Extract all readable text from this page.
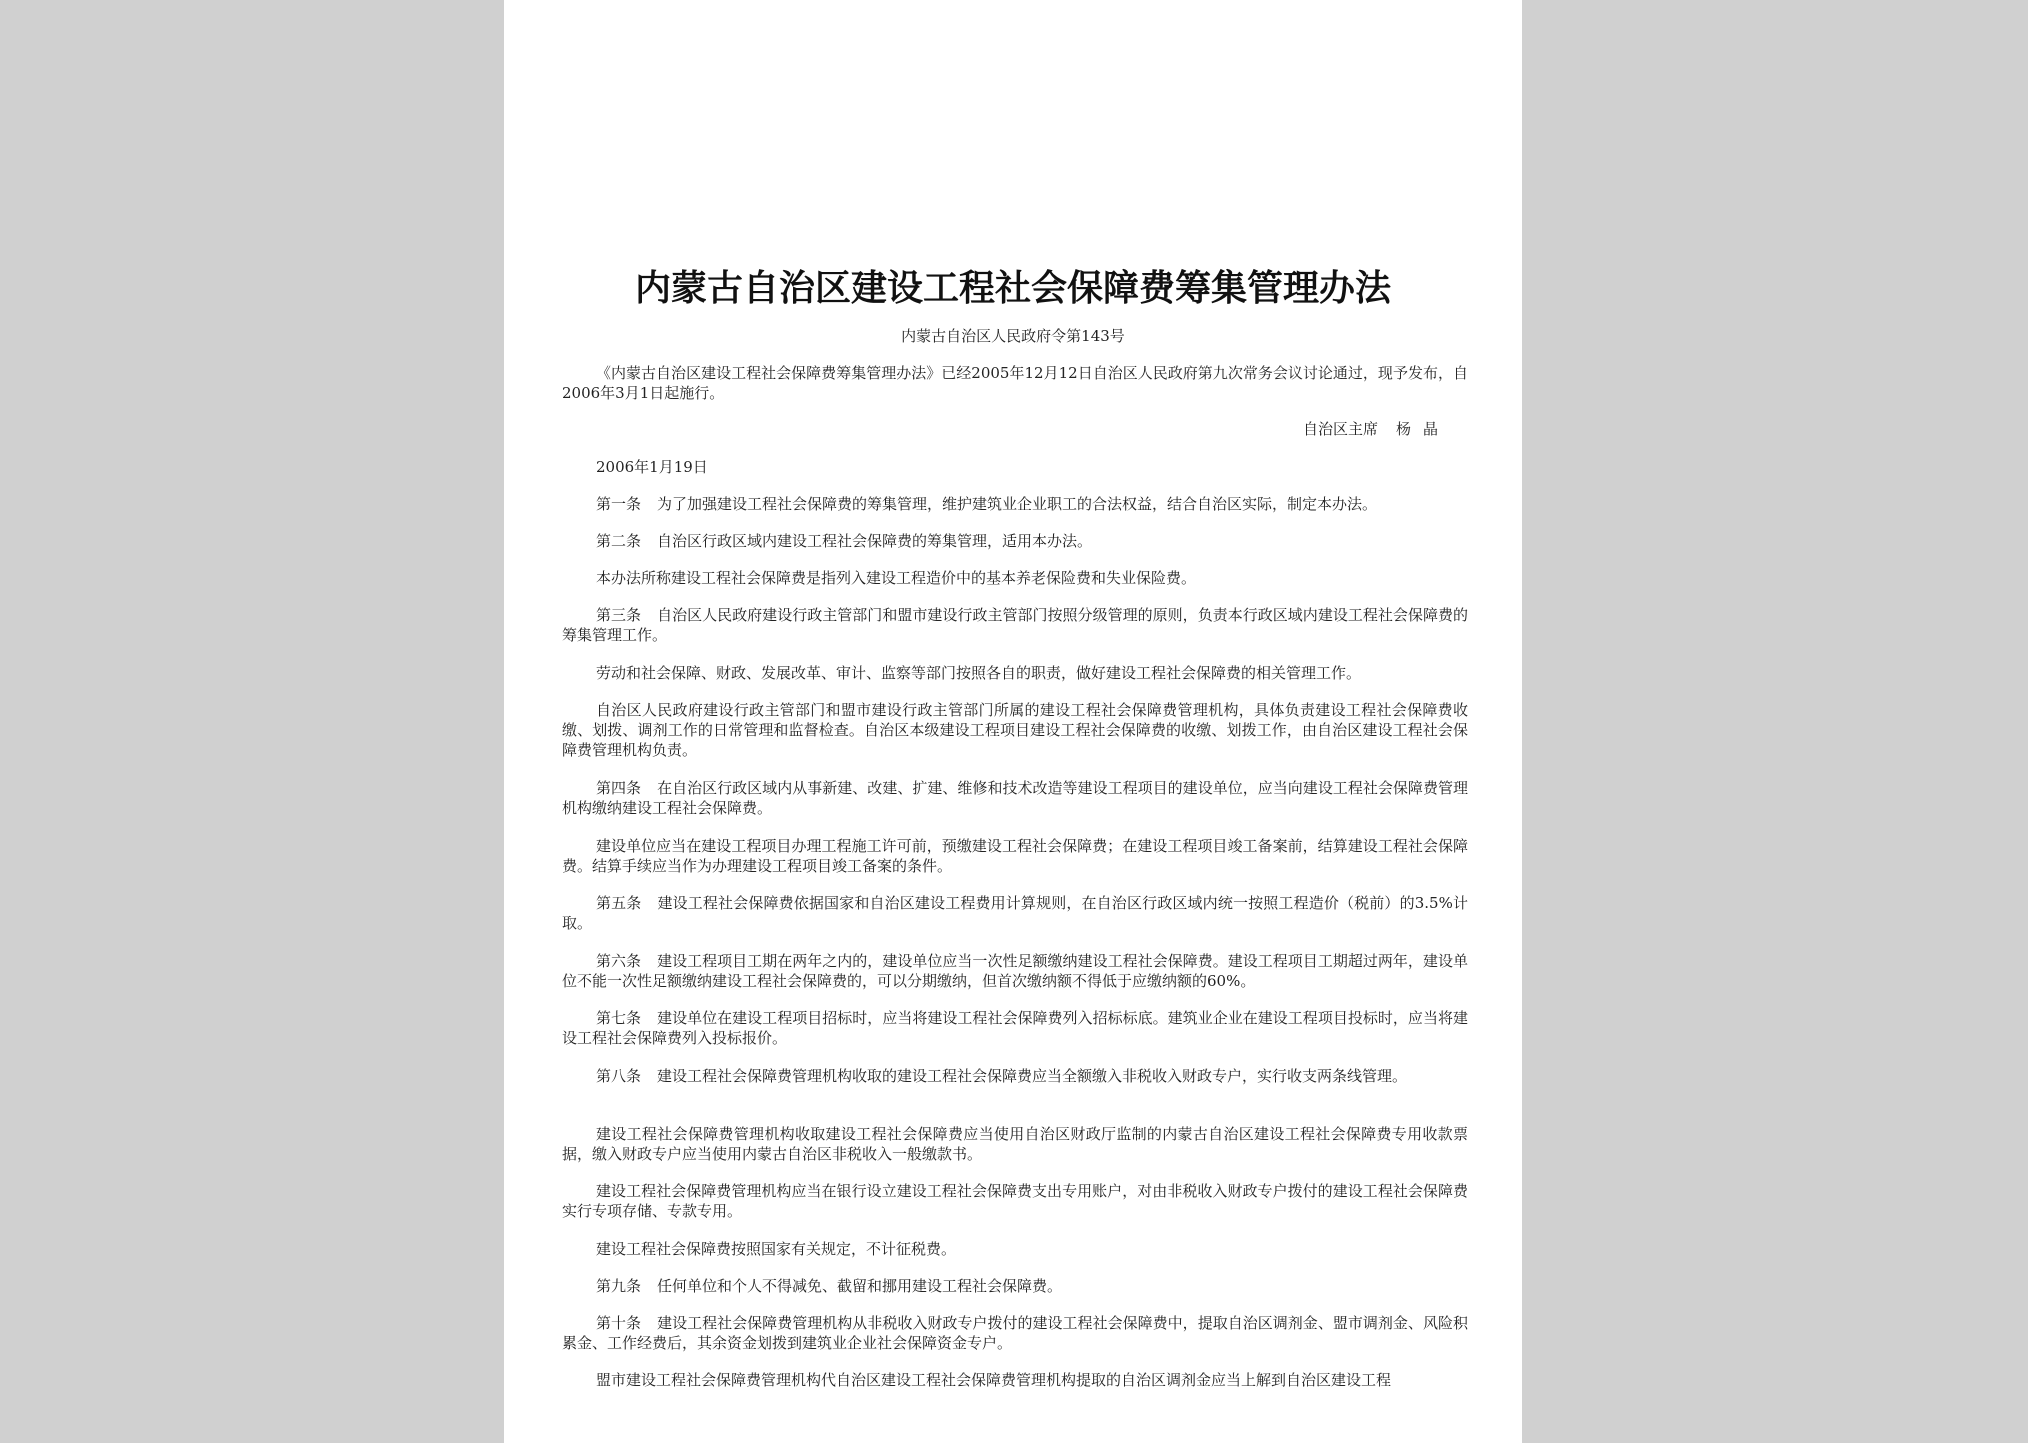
内蒙古自治区建设工程社会保障费筹集管理办法
内蒙古自治区人民政府令第143号
《内蒙古自治区建设工程社会保障费筹集管理办法》已经2005年12月12日自治区人民政府第九次常务会议讨论通过，现予发布，自2006年3月1日起施行。
自治区主席 杨晶
2006年1月19日
第一条 为了加强建设工程社会保障费的筹集管理，维护建筑业企业职工的合法权益，结合自治区实际，制定本办法。
第二条 自治区行政区域内建设工程社会保障费的筹集管理，适用本办法。
本办法所称建设工程社会保障费是指列入建设工程造价中的基本养老保险费和失业保险费。
第三条 自治区人民政府建设行政主管部门和盟市建设行政主管部门按照分级管理的原则，负责本行政区域内建设工程社会保障费的筹集管理工作。
劳动和社会保障、财政、发展改革、审计、监察等部门按照各自的职责，做好建设工程社会保障费的相关管理工作。
自治区人民政府建设行政主管部门和盟市建设行政主管部门所属的建设工程社会保障费管理机构，具体负责建设工程社会保障费收缴、划拨、调剂工作的日常管理和监督检查。自治区本级建设工程项目建设工程社会保障费的收缴、划拨工作，由自治区建设工程社会保障费管理机构负责。
第四条 在自治区行政区域内从事新建、改建、扩建、维修和技术改造等建设工程项目的建设单位，应当向建设工程社会保障费管理机构缴纳建设工程社会保障费。
建设单位应当在建设工程项目办理工程施工许可前，预缴建设工程社会保障费；在建设工程项目竣工备案前，结算建设工程社会保障费。结算手续应当作为办理建设工程项目竣工备案的条件。
第五条 建设工程社会保障费依据国家和自治区建设工程费用计算规则，在自治区行政区域内统一按照工程造价（税前）的3.5%计取。
第六条 建设工程项目工期在两年之内的，建设单位应当一次性足额缴纳建设工程社会保障费。建设工程项目工期超过两年，建设单位不能一次性足额缴纳建设工程社会保障费的，可以分期缴纳，但首次缴纳额不得低于应缴纳额的60%。
第七条 建设单位在建设工程项目招标时，应当将建设工程社会保障费列入招标标底。建筑业企业在建设工程项目投标时，应当将建设工程社会保障费列入投标报价。
第八条 建设工程社会保障费管理机构收取的建设工程社会保障费应当全额缴入非税收入财政专户，实行收支两条线管理。
建设工程社会保障费管理机构收取建设工程社会保障费应当使用自治区财政厅监制的内蒙古自治区建设工程社会保障费专用收款票据，缴入财政专户应当使用内蒙古自治区非税收入一般缴款书。
建设工程社会保障费管理机构应当在银行设立建设工程社会保障费支出专用账户，对由非税收入财政专户拨付的建设工程社会保障费实行专项存储、专款专用。
建设工程社会保障费按照国家有关规定，不计征税费。
第九条 任何单位和个人不得减免、截留和挪用建设工程社会保障费。
第十条 建设工程社会保障费管理机构从非税收入财政专户拨付的建设工程社会保障费中，提取自治区调剂金、盟市调剂金、风险积累金、工作经费后，其余资金划拨到建筑业企业社会保障资金专户。
盟市建设工程社会保障费管理机构代自治区建设工程社会保障费管理机构提取的自治区调剂金应当上解到自治区建设工程
